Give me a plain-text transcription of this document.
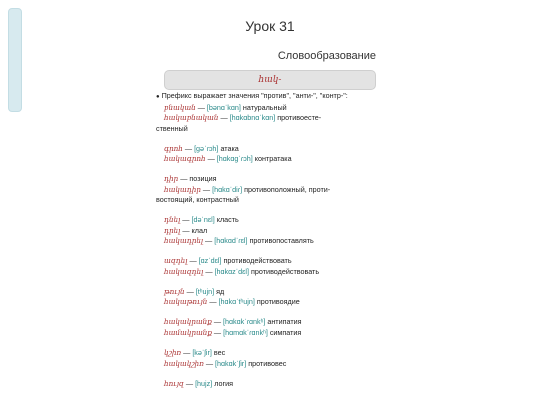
Урок 31
Словообразование
հակ-

● Префикс выражает значения "против", "анти-", "контр-":

բնական — [bənɑˈkɑn] натуральный
հակաբնական — [hɑkɑbnɑˈkɑn] противоесте-
ственный
գրոհ — [gəˈɾɔh] атака
հակագրոհ — [hɑkɑgˈɾɔh] контратака
դիր — позиция
հակադիր — [hɑkɑˈdiɾ] противоположный, проти-
востоящий, контрастный
դնել — [dəˈnɛl] класть
դրել — клал
հակադրել — [hɑkɑdˈɾɛl] противопоставлять
ազդել — [ɑzˈdɛl] противодействовать
հակազդել — [hɑkɑzˈdɛl] противодействовать
թույն — [tʰujn] яд
հակաթույն — [hɑkɑˈtʰujn] противоядие
հակակրանք — [hɑkɑkˈɾɑnkʰ] антипатия
համակրանք — [hɑmɑkˈɾɑnkʰ] симпатия
կշիռ — [kəˈʃir] вес
հակակշիռ — [hɑkɑkˈʃir] противовес
հույզ — [hujz] логия
